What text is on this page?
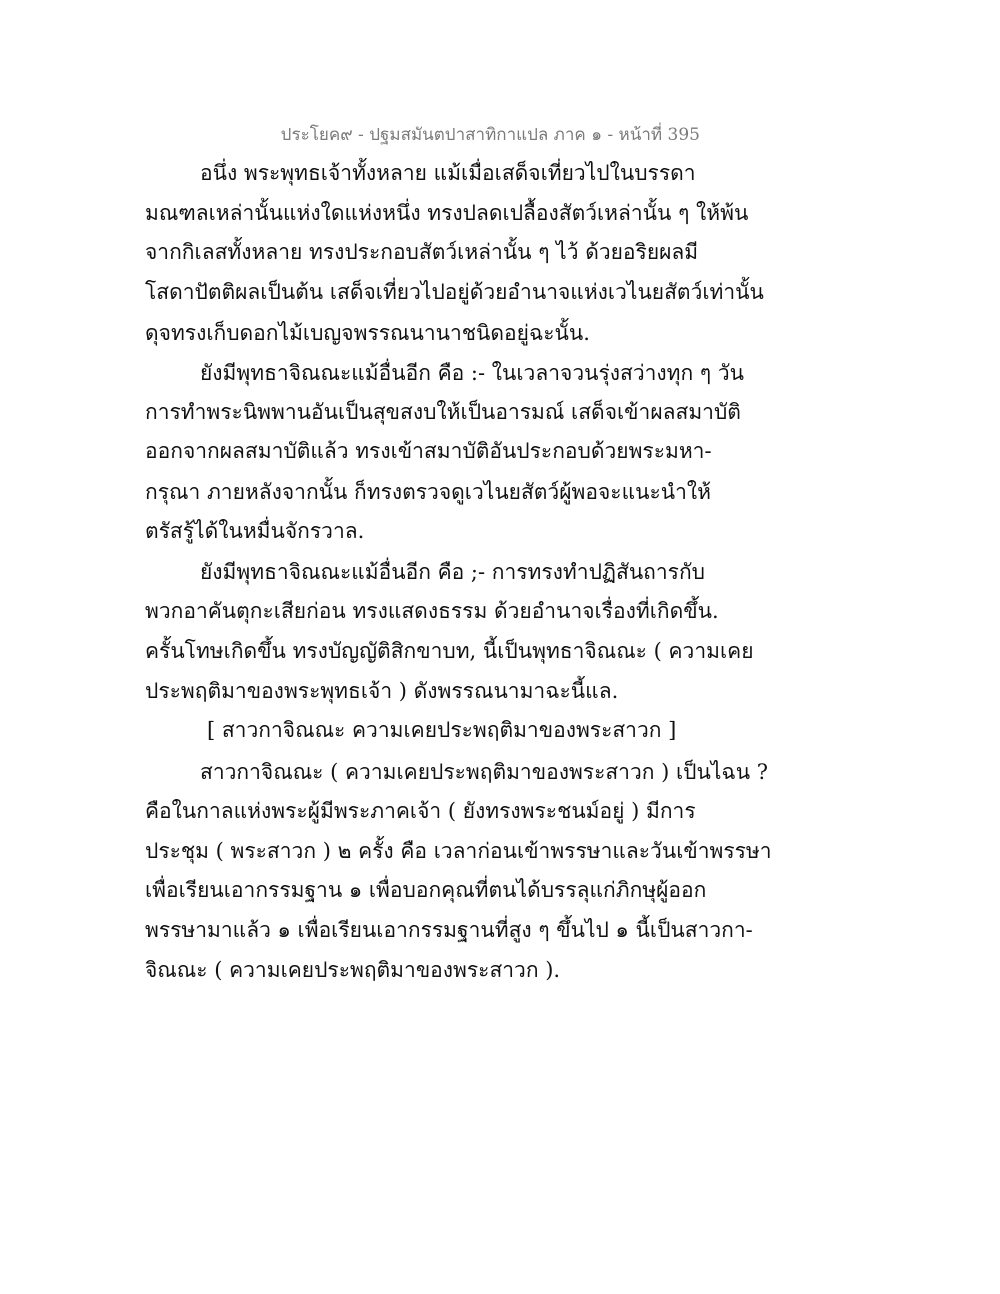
ประโยค๙ - ปฐมสมันตปาสาทิกาแปล ภาค ๑ - หน้าที่ 395
อนึ่ง พระพุทธเจ้าทั้งหลาย แม้เมื่อเสด็จเที่ยวไปในบรรดา
มณฑลเหล่านั้นแห่งใดแห่งหนึ่ง ทรงปลดเปลื้องสัตว์เหล่านั้น ๆ ให้พ้น
จากกิเลสทั้งหลาย ทรงประกอบสัตว์เหล่านั้น ๆ ไว้ ด้วยอริยผลมี
โสดาปัตติผลเป็นต้น เสด็จเที่ยวไปอยู่ด้วยอำนาจแห่งเวไนยสัตว์เท่านั้น
ดุจทรงเก็บดอกไม้เบญจพรรณนานาชนิดอยู่ฉะนั้น.
ยังมีพุทธาจิณณะแม้อื่นอีก คือ :- ในเวลาจวนรุ่งสว่างทุก ๆ วัน
การทำพระนิพพานอันเป็นสุขสงบให้เป็นอารมณ์ เสด็จเข้าผลสมาบัติ
ออกจากผลสมาบัติแล้ว ทรงเข้าสมาบัติอันประกอบด้วยพระมหา-
กรุณา ภายหลังจากนั้น ก็ทรงตรวจดูเวไนยสัตว์ผู้พอจะแนะนำให้
ตรัสรู้ได้ในหมื่นจักรวาล.
ยังมีพุทธาจิณณะแม้อื่นอีก คือ ;- การทรงทำปฏิสันถารกับ
พวกอาคันตุกะเสียก่อน ทรงแสดงธรรม ด้วยอำนาจเรื่องที่เกิดขึ้น.
ครั้นโทษเกิดขึ้น ทรงบัญญัติสิกขาบท, นี้เป็นพุทธาจิณณะ ( ความเคย
ประพฤติมาของพระพุทธเจ้า ) ดังพรรณนามาฉะนี้แล.
[ สาวกาจิณณะ ความเคยประพฤติมาของพระสาวก ]
สาวกาจิณณะ ( ความเคยประพฤติมาของพระสาวก ) เป็นไฉน ?
คือในกาลแห่งพระผู้มีพระภาคเจ้า ( ยังทรงพระชนม์อยู่ ) มีการ
ประชุม ( พระสาวก ) ๒ ครั้ง คือ เวลาก่อนเข้าพรรษาและวันเข้าพรรษา
เพื่อเรียนเอากรรมฐาน ๑ เพื่อบอกคุณที่ตนได้บรรลุแก่ภิกษุผู้ออก
พรรษามาแล้ว ๑ เพื่อเรียนเอากรรมฐานที่สูง ๆ ขึ้นไป ๑ นี้เป็นสาวกา-
จิณณะ ( ความเคยประพฤติมาของพระสาวก ).
